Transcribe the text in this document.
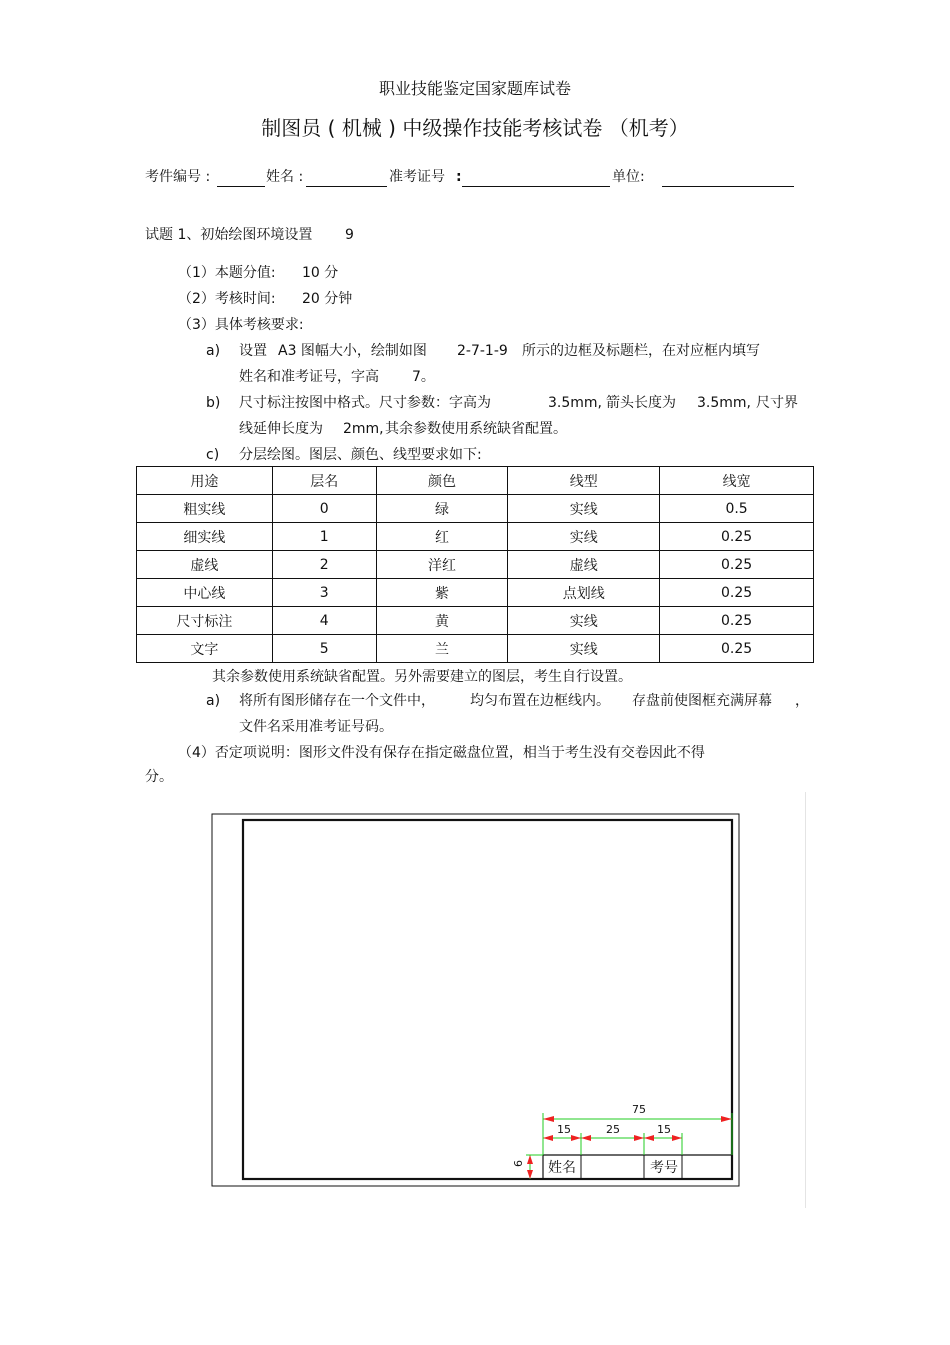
职业技能鉴定国家题库试卷
制图员 ( 机械 ) 中级操作技能考核试卷 （机考）
考件编号 :	姓名 :	准考证号 :	单位:
试题 1、初始绘图环境设置 9
（1）本题分值: 10 分
（2）考核时间: 20 分钟
（3）具体考核要求:
a) 设置 A3 图幅大小，绘制如图 2-7-1-9 所示的边框及标题栏，在对应框内填写
姓名和准考证号，字高 7。
b) 尺寸标注按图中格式。尺寸参数：字高为	3.5mm, 箭头长度为 3.5mm, 尺寸界
线延伸长度为 2mm, 其余参数使用系统缺省配置。
c) 分层绘图。图层、颜色、线型要求如下:
用途	层名	颜色	线型	线宽
粗实线	0	绿	实线	0.5
细实线	1	红	实线	0.25
虚线	2	洋红	虚线	0.25
中心线	3	紫	点划线	0.25
尺寸标注	4	黄	实线	0.25
文字	5	兰	实线	0.25
其余参数使用系统缺省配置。另外需要建立的图层，考生自行设置。
a) 将所有图形储存在一个文件中，	均匀布置在边框线内。 存盘前使图框充满屏幕 ，
文件名采用准考证号码。
（4）否定项说明：图形文件没有保存在指定磁盘位置，相当于考生没有交卷因此不得
分。
姓名	考号
75
15	25	15
9
